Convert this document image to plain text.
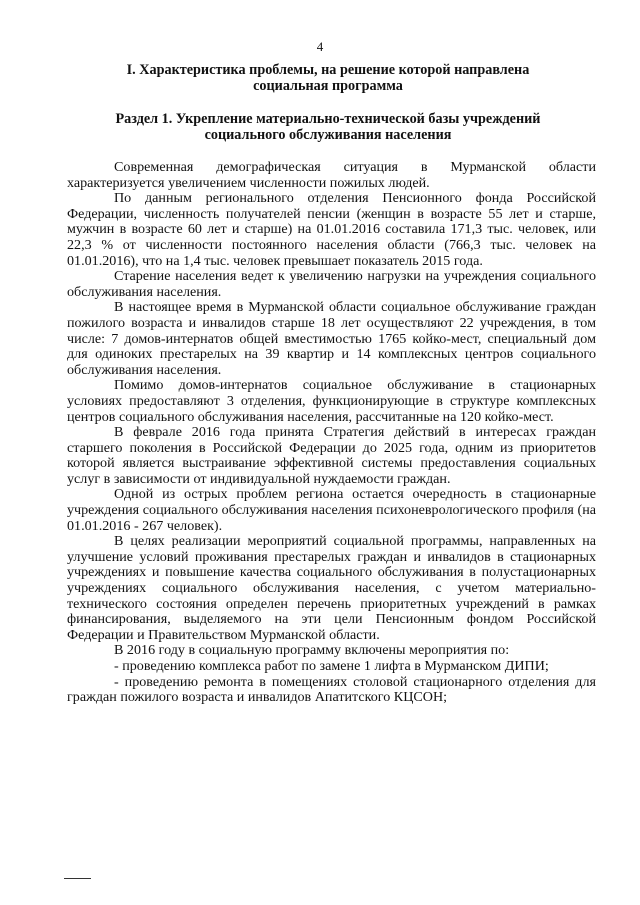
4
I. Характеристика проблемы, на решение которой направлена социальная программа
Раздел 1. Укрепление материально-технической базы учреждений социального обслуживания населения

Современная демографическая ситуация в Мурманской области характеризуется увеличением численности пожилых людей.

По данным регионального отделения Пенсионного фонда Российской Федерации, численность получателей пенсии (женщин в возрасте 55 лет и старше, мужчин в возрасте 60 лет и старше) на 01.01.2016 составила 171,3 тыс. человек, или 22,3 % от численности постоянного населения области (766,3 тыс. человек на 01.01.2016), что на 1,4 тыс. человек превышает показатель 2015 года.

Старение населения ведет к увеличению нагрузки на учреждения социального обслуживания населения.

В настоящее время в Мурманской области социальное обслуживание граждан пожилого возраста и инвалидов старше 18 лет осуществляют 22 учреждения, в том числе: 7 домов-интернатов общей вместимостью 1765 койко-мест, специальный дом для одиноких престарелых на 39 квартир и 14 комплексных центров социального обслуживания населения.

Помимо домов-интернатов социальное обслуживание в стационарных условиях предоставляют 3 отделения, функционирующие в структуре комплексных центров социального обслуживания населения, рассчитанные на 120 койко-мест.

В феврале 2016 года принята Стратегия действий в интересах граждан старшего поколения в Российской Федерации до 2025 года, одним из приоритетов которой является выстраивание эффективной системы предоставления социальных услуг в зависимости от индивидуальной нуждаемости граждан.

Одной из острых проблем региона остается очередность в стационарные учреждения социального обслуживания населения психоневрологического профиля (на 01.01.2016 - 267 человек).

В целях реализации мероприятий социальной программы, направленных на улучшение условий проживания престарелых граждан и инвалидов в стационарных учреждениях и повышение качества социального обслуживания в полустационарных учреждениях социального обслуживания населения, с учетом материально-технического состояния определен перечень приоритетных учреждений в рамках финансирования, выделяемого на эти цели Пенсионным фондом Российской Федерации и Правительством Мурманской области.

В 2016 году в социальную программу включены мероприятия по:

- проведению комплекса работ по замене 1 лифта в Мурманском ДИПИ;

- проведению ремонта в помещениях столовой стационарного отделения для граждан пожилого возраста и инвалидов Апатитского КЦСОН;
